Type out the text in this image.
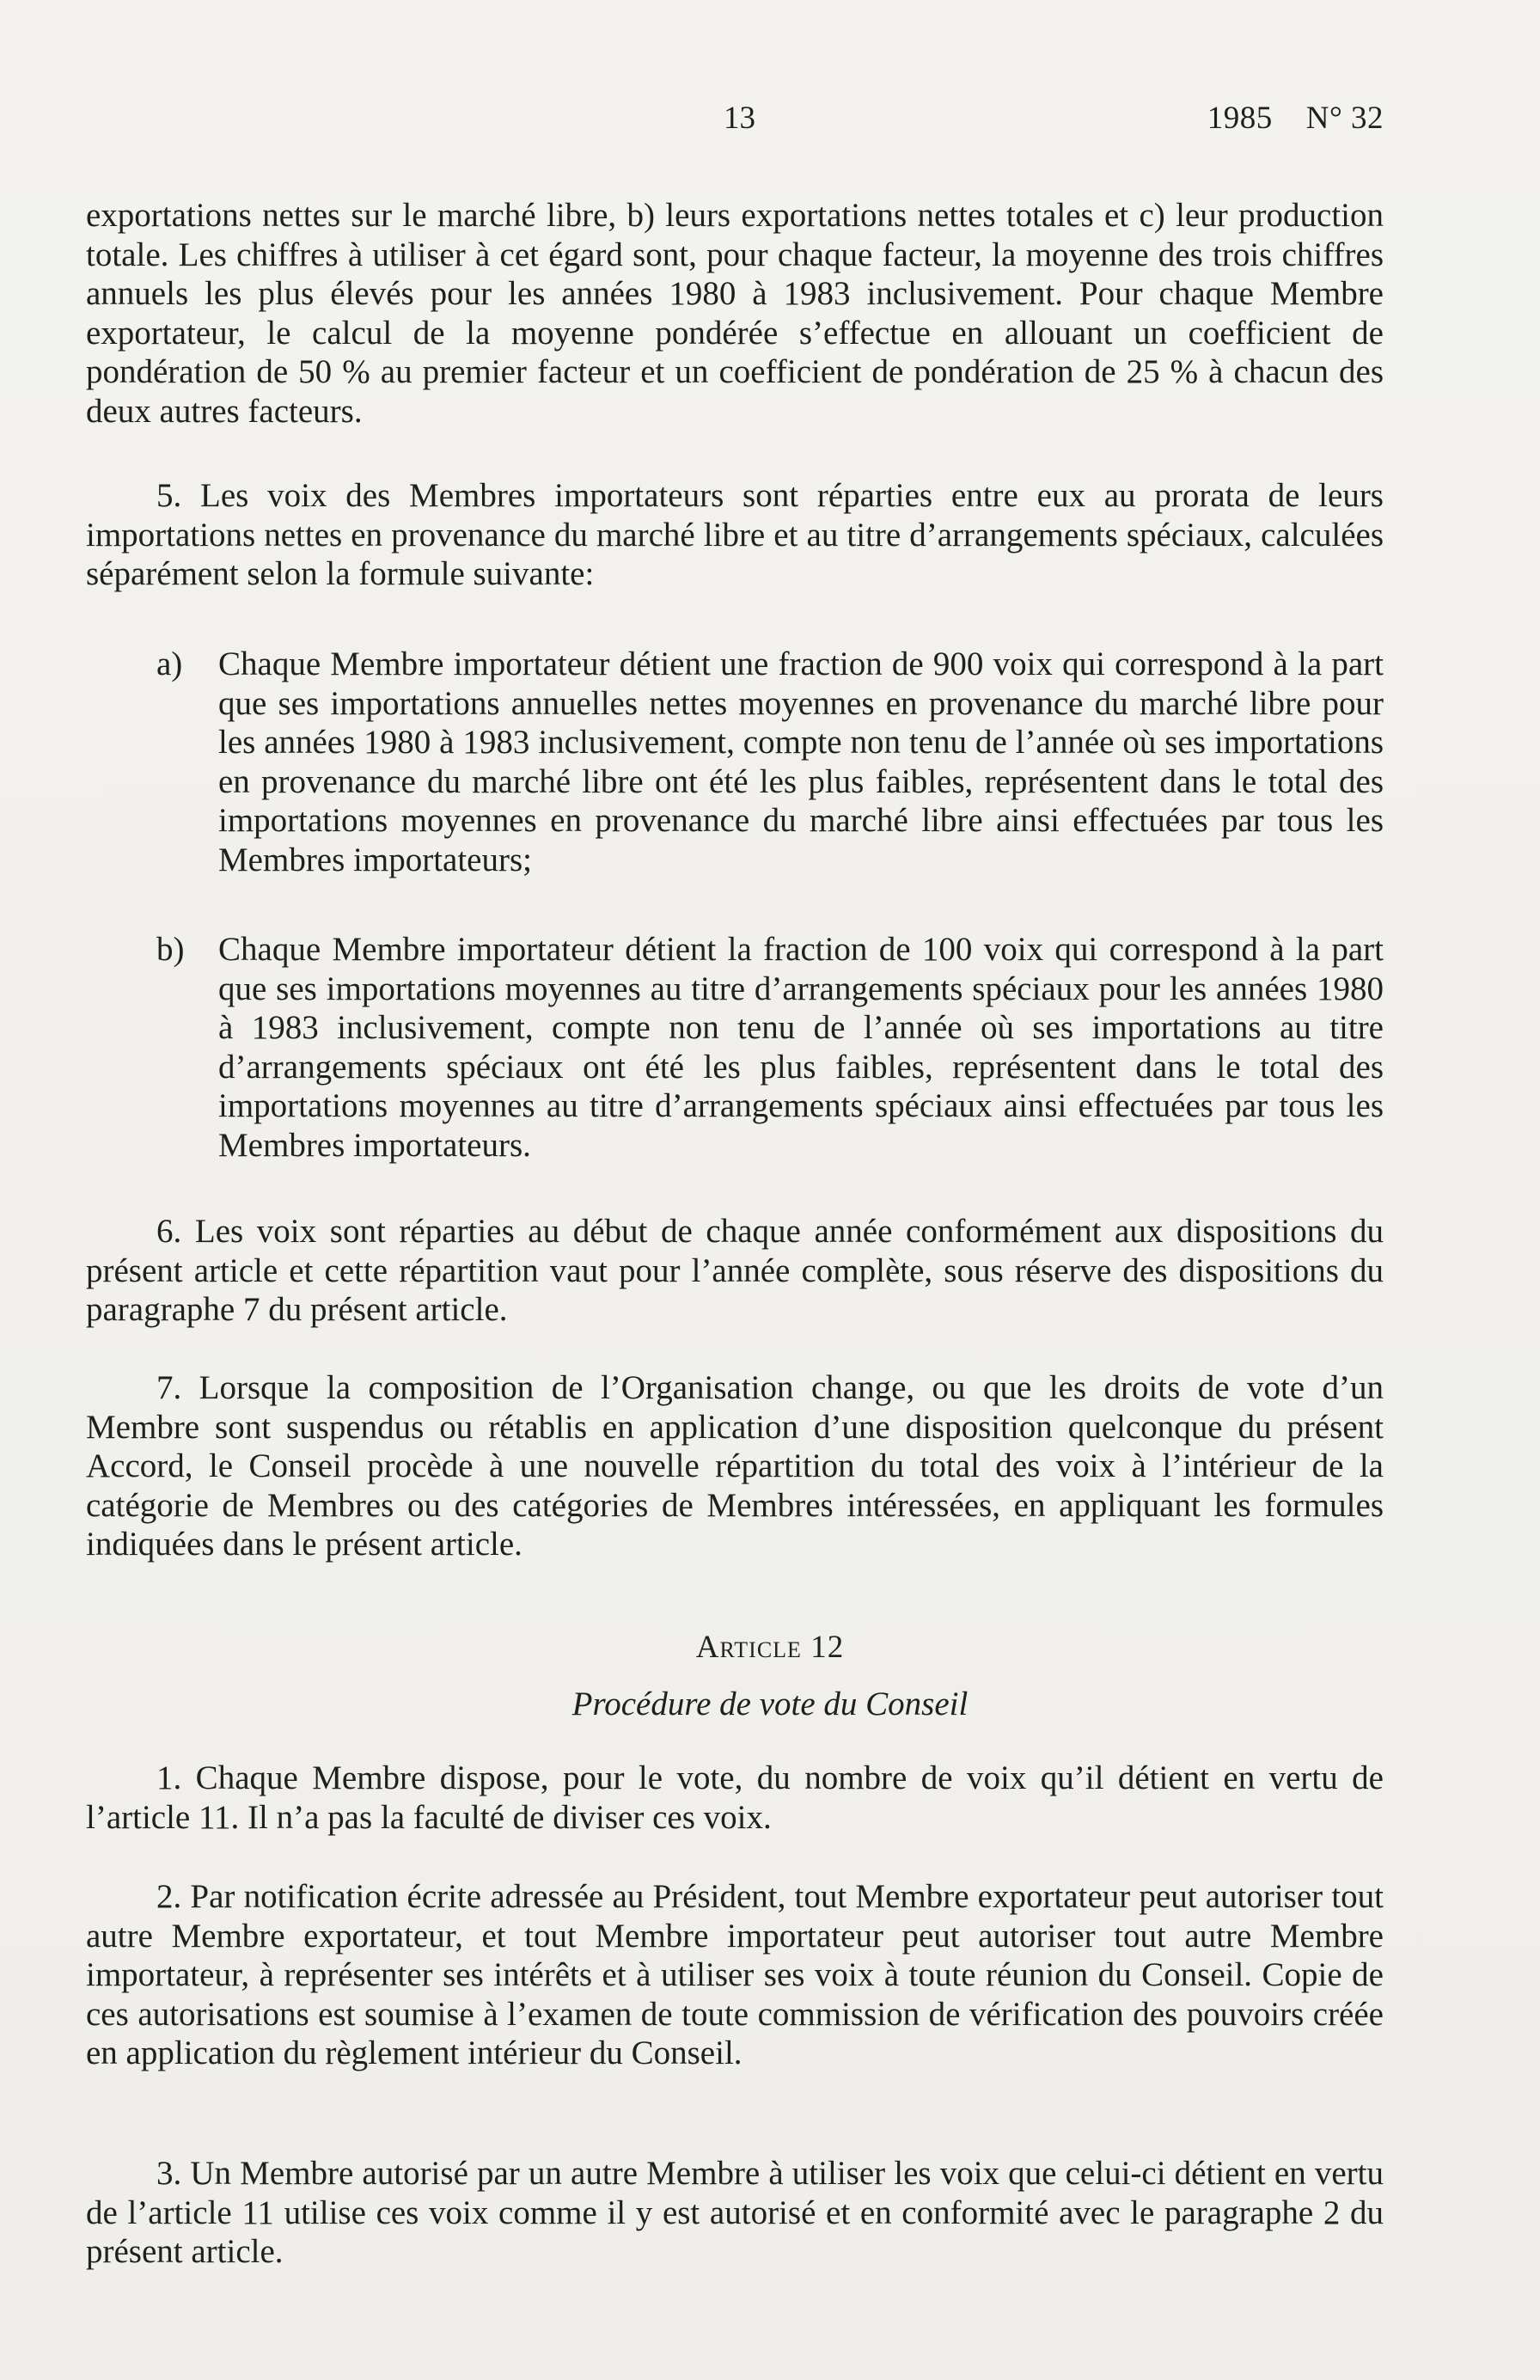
13	1985    N° 32

exportations nettes sur le marché libre, b) leurs exportations nettes totales et c) leur production totale. Les chiffres à utiliser à cet égard sont, pour chaque facteur, la moyenne des trois chiffres annuels les plus élevés pour les années 1980 à 1983 inclusivement. Pour chaque Membre exportateur, le calcul de la moyenne pondérée s’effectue en allouant un coefficient de pondération de 50 % au premier facteur et un coefficient de pondération de 25 % à chacun des deux autres facteurs.

5. Les voix des Membres importateurs sont réparties entre eux au prorata de leurs importations nettes en provenance du marché libre et au titre d’arrangements spéciaux, calculées séparément selon la formule suivante:

a) Chaque Membre importateur détient une fraction de 900 voix qui correspond à la part que ses importations annuelles nettes moyennes en provenance du marché libre pour les années 1980 à 1983 inclusivement, compte non tenu de l’année où ses importations en provenance du marché libre ont été les plus faibles, représentent dans le total des importations moyennes en provenance du marché libre ainsi effectuées par tous les Membres importateurs;
b) Chaque Membre importateur détient la fraction de 100 voix qui correspond à la part que ses importations moyennes au titre d’arrangements spéciaux pour les années 1980 à 1983 inclusivement, compte non tenu de l’année où ses importations au titre d’arrangements spéciaux ont été les plus faibles, représentent dans le total des importations moyennes au titre d’arrangements spéciaux ainsi effectuées par tous les Membres importateurs.

6. Les voix sont réparties au début de chaque année conformément aux dispositions du présent article et cette répartition vaut pour l’année complète, sous réserve des dispositions du paragraphe 7 du présent article.

7. Lorsque la composition de l’Organisation change, ou que les droits de vote d’un Membre sont suspendus ou rétablis en application d’une disposition quelconque du présent Accord, le Conseil procède à une nouvelle répartition du total des voix à l’intérieur de la catégorie de Membres ou des catégories de Membres intéressées, en appliquant les formules indiquées dans le présent article.

Article 12
Procédure de vote du Conseil

1. Chaque Membre dispose, pour le vote, du nombre de voix qu’il détient en vertu de l’article 11. Il n’a pas la faculté de diviser ces voix.

2. Par notification écrite adressée au Président, tout Membre exportateur peut autoriser tout autre Membre exportateur, et tout Membre importateur peut autoriser tout autre Membre importateur, à représenter ses intérêts et à utiliser ses voix à toute réunion du Conseil. Copie de ces autorisations est soumise à l’examen de toute commission de vérification des pouvoirs créée en application du règlement intérieur du Conseil.

3. Un Membre autorisé par un autre Membre à utiliser les voix que celui-ci détient en vertu de l’article 11 utilise ces voix comme il y est autorisé et en conformité avec le paragraphe 2 du présent article.
